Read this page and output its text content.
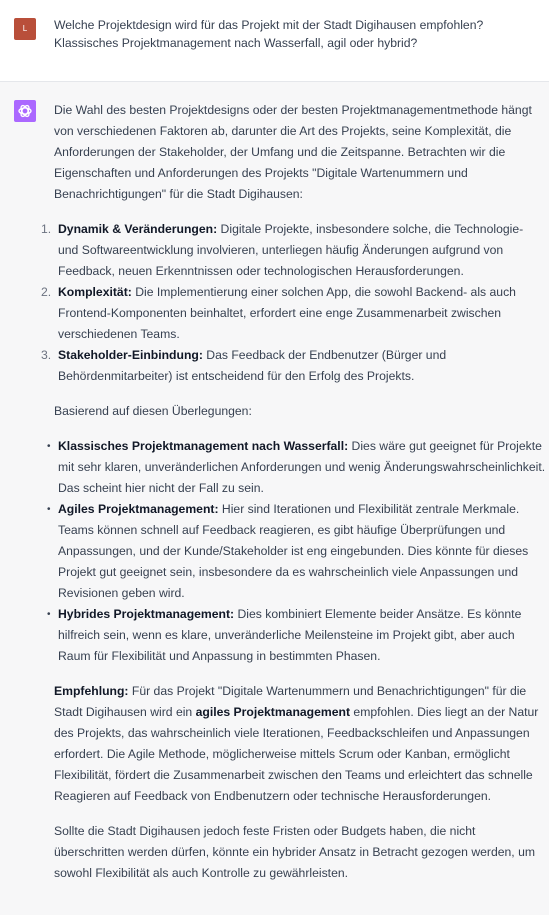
L	Welche Projektdesign wird für das Projekt mit der Stadt Digihausen empfohlen? Klassisches Projektmanagement nach Wasserfall, agil oder hybrid?

Die Wahl des besten Projektdesigns oder der besten Projektmanagementmethode hängt von verschiedenen Faktoren ab, darunter die Art des Projekts, seine Komplexität, die Anforderungen der Stakeholder, der Umfang und die Zeitspanne. Betrachten wir die Eigenschaften und Anforderungen des Projekts "Digitale Wartenummern und Benachrichtigungen" für die Stadt Digihausen:

1. Dynamik & Veränderungen: Digitale Projekte, insbesondere solche, die Technologie- und Softwareentwicklung involvieren, unterliegen häufig Änderungen aufgrund von Feedback, neuen Erkenntnissen oder technologischen Herausforderungen.
2. Komplexität: Die Implementierung einer solchen App, die sowohl Backend- als auch Frontend-Komponenten beinhaltet, erfordert eine enge Zusammenarbeit zwischen verschiedenen Teams.
3. Stakeholder-Einbindung: Das Feedback der Endbenutzer (Bürger und Behördenmitarbeiter) ist entscheidend für den Erfolg des Projekts.

Basierend auf diesen Überlegungen:

• Klassisches Projektmanagement nach Wasserfall: Dies wäre gut geeignet für Projekte mit sehr klaren, unveränderlichen Anforderungen und wenig Änderungswahrscheinlichkeit. Das scheint hier nicht der Fall zu sein.
• Agiles Projektmanagement: Hier sind Iterationen und Flexibilität zentrale Merkmale. Teams können schnell auf Feedback reagieren, es gibt häufige Überprüfungen und Anpassungen, und der Kunde/Stakeholder ist eng eingebunden. Dies könnte für dieses Projekt gut geeignet sein, insbesondere da es wahrscheinlich viele Anpassungen und Revisionen geben wird.
• Hybrides Projektmanagement: Dies kombiniert Elemente beider Ansätze. Es könnte hilfreich sein, wenn es klare, unveränderliche Meilensteine im Projekt gibt, aber auch Raum für Flexibilität und Anpassung in bestimmten Phasen.

Empfehlung: Für das Projekt "Digitale Wartenummern und Benachrichtigungen" für die Stadt Digihausen wird ein agiles Projektmanagement empfohlen. Dies liegt an der Natur des Projekts, das wahrscheinlich viele Iterationen, Feedbackschleifen und Anpassungen erfordert. Die Agile Methode, möglicherweise mittels Scrum oder Kanban, ermöglicht Flexibilität, fördert die Zusammenarbeit zwischen den Teams und erleichtert das schnelle Reagieren auf Feedback von Endbenutzern oder technische Herausforderungen.

Sollte die Stadt Digihausen jedoch feste Fristen oder Budgets haben, die nicht überschritten werden dürfen, könnte ein hybrider Ansatz in Betracht gezogen werden, um sowohl Flexibilität als auch Kontrolle zu gewährleisten.
